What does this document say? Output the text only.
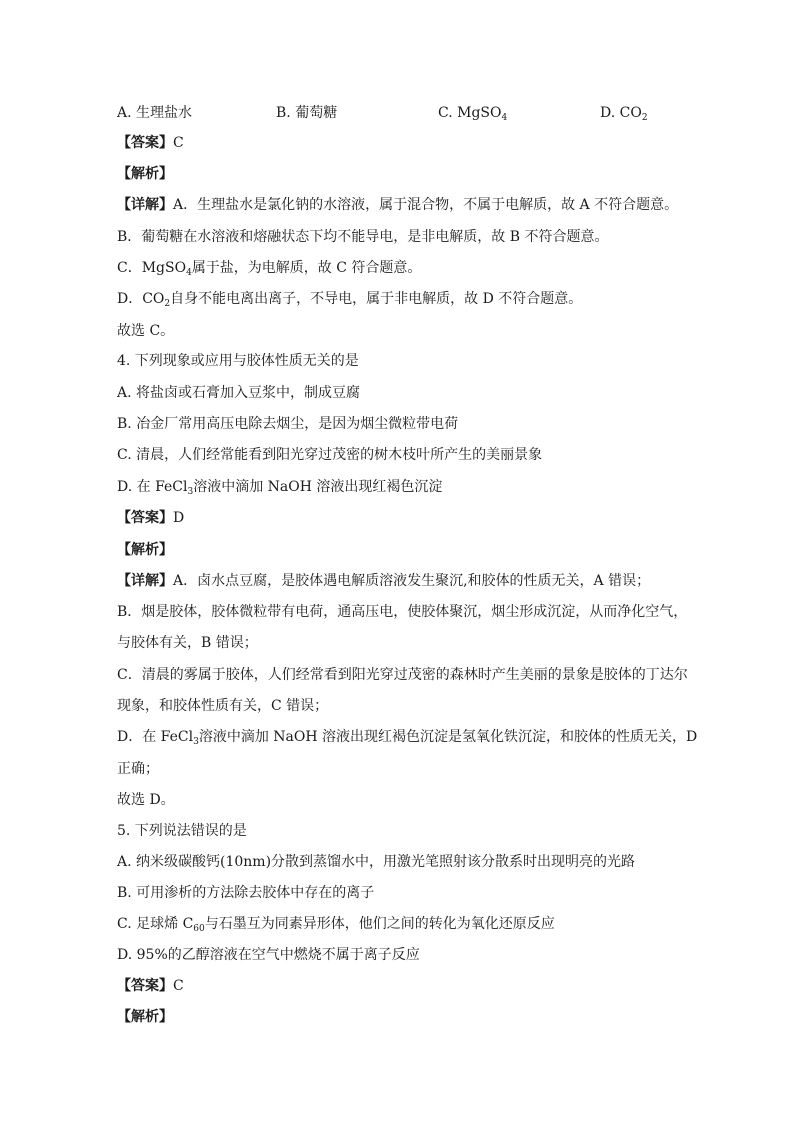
A. 生理盐水	B. 葡萄糖	C. MgSO$_4$	D. $CO_2$
【答案】C
【解析】
【详解】A．生理盐水是氯化钠的水溶液，属于混合物，不属于电解质，故 A 不符合题意。
B．葡萄糖在水溶液和熔融状态下均不能导电，是非电解质，故 B 不符合题意。
C．MgSO$_4$属于盐，为电解质，故 C 符合题意。
D．$CO_2$自身不能电离出离子，不导电，属于非电解质，故 D 不符合题意。
故选 C。
4. 下列现象或应用与胶体性质无关的是
A. 将盐卤或石膏加入豆浆中，制成豆腐
B. 冶金厂常用高压电除去烟尘，是因为烟尘微粒带电荷
C. 清晨，人们经常能看到阳光穿过茂密的树木枝叶所产生的美丽景象
D. 在 FeCl$_3$溶液中滴加 NaOH 溶液出现红褐色沉淀
【答案】D
【解析】
【详解】A．卤水点豆腐，是胶体遇电解质溶液发生聚沉,和胶体的性质无关，A 错误；
B．烟是胶体，胶体微粒带有电荷，通高压电，使胶体聚沉，烟尘形成沉淀，从而净化空气，
与胶体有关，B 错误；
C．清晨的雾属于胶体，人们经常看到阳光穿过茂密的森林时产生美丽的景象是胶体的丁达尔
现象，和胶体性质有关，C 错误；
D．在 FeCl$_3$溶液中滴加 NaOH 溶液出现红褐色沉淀是氢氧化铁沉淀，和胶体的性质无关，D
正确；
故选 D。
5. 下列说法错误的是
A. 纳米级碳酸钙(10nm)分散到蒸馏水中，用激光笔照射该分散系时出现明亮的光路
B. 可用渗析的方法除去胶体中存在的离子
C. 足球烯 $C_{60}$与石墨互为同素异形体，他们之间的转化为氧化还原反应
D. 95%的乙醇溶液在空气中燃烧不属于离子反应
【答案】C
【解析】
